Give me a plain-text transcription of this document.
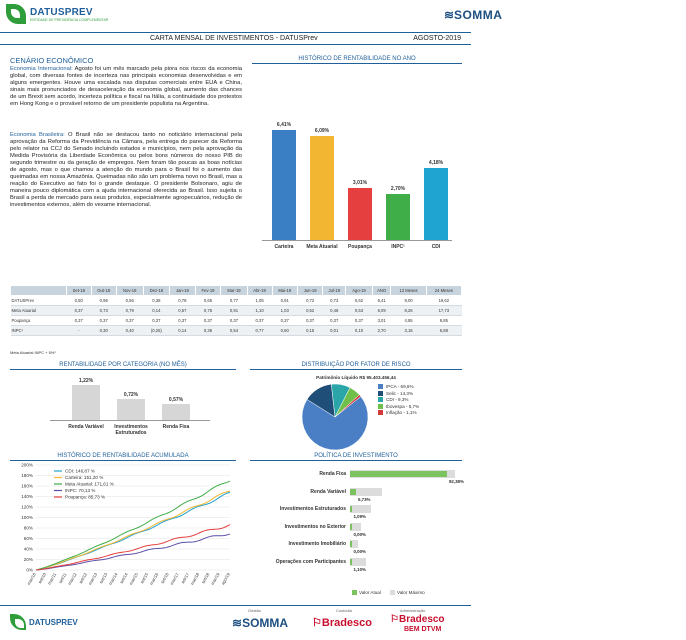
DATUSPREV
ENTIDADE DE PREVIDÊNCIA COMPLEMENTAR	≋ SOMMA
CARTA MENSAL DE INVESTIMENTOS - DATUSPrev	AGOSTO-2019
CENÁRIO ECONÔMICO
Economia Internacional: Agosto foi um mês marcado pela piora nos riscos da economia global, com diversas fontes de incerteza nas principais economias desenvolvidas e em alguns emergentes. Houve uma escalada nas disputas comerciais entre EUA e China, sinais mais pronunciados de desaceleração da economia global, aumento das chances de um Brexit sem acordo, incerteza política e fiscal na Itália, a continuidade dos protestos em Hong Kong e o provável retorno de um presidente populista na Argentina.
Economia Brasileira: O Brasil não se destacou tanto no noticiário internacional pela aprovação da Reforma da Previdência na Câmara, pela entrega do parecer da Reforma pelo relator na CCJ do Senado incluindo estados e municípios, nem pela aprovação da Medida Provisória da Liberdade Econômica ou pelos bons números do nosso PIB do segundo trimestre ou da geração de empregos. Nem foram tão poucas as boas notícias de agosto, mas o que chamou a atenção do mundo para o Brasil foi o aumento das queimadas em nossa Amazônia. Queimadas não são um problema novo no Brasil, mas a reação do Executivo ao fato foi o grande destaque. O presidente Bolsonaro, agiu de maneira pouco diplomática com a ajuda internacional oferecida ao Brasil. Isso sujeita o Brasil a perda de mercado para seus produtos, especialmente agropecuários, redução de investimentos externos, além do vexame internacional.
HISTÓRICO DE RENTABILIDADE NO ANO
6,41%
Carteira
6,09%
Meta Atuarial
3,01%
Poupança
2,70%
INPC¹
4,18%
CDI
	Set-18	Out-18	Nov-18	Dez-18	Jan-19	Fev-19	Mar-19	Abr-19	Mai-19	Jun-19	Jul-19	Ago-19	ANO	12 Meses	24 Meses
DATUSPrev	0,50	0,96	0,56	0,38	0,78	0,65	0,77	1,05	0,91	0,72	0,73	0,62	6,41	9,00	19,62
Meta Atuarial	0,37	0,73	0,79	0,14	0,57	0,75	0,91	1,10	1,03	0,52	0,46	0,53	6,09	8,26	17,73
Poupança	0,37	0,37	0,37	0,37	0,37	0,37	0,37	0,37	0,37	0,37	0,37	0,37	3,01	4,55	9,85
INPC¹	-	0,30	0,40	(0,25)	0,14	0,36	0,54	0,77	0,60	0,15	0,01	0,10	2,70	3,16	6,88
Meta Atuarial INPC + 5%¹
RENTABILIDADE POR CATEGORIA (NO MÊS)
1,22%
Renda Variável
0,72%
Investimentos Estruturados
0,57%
Renda Fixa
DISTRIBUIÇÃO POR FATOR DE RISCO
Patrimônio Líquido R$ 95.403.456,44
IPCA - 69,6%
Selic - 14,3%
CDI - 9,3%
Ibovespa - 5,7%
Inflação - 1,1%
HISTÓRICO DE RENTABILIDADE ACUMULADA
200%
180%
160%
140%
120%
100%
80%
60%
40%
20%
0%
CDI: 146,87 %
Carteira: 151,20 %
Meta Atuarial: 171,61 %
INPC: 70,13 %
Poupança: 85,73 %
mar/10 set/10 mar/11 set/11 mar/12 set/12 mar/13 set/13 mar/14 set/14 mar/15 set/15 mar/16 set/16 mar/17 set/17 mar/18 set/18 mar/19 ago/19
POLÍTICA DE INVESTIMENTO
Renda Fixa
92,38%
Renda Variável
5,73%
Investimentos Estruturados
1,09%
Investimentos no Exterior
0,00%
Investimento Imobiliário
0,00%
Operações com Participantes
1,10%
Valor Atual	Valor Máximo
DATUSPREV
Gestão
≋SOMMA
Custódia
⚐Bradesco
Administração
⚐Bradesco
BEM DTVM
